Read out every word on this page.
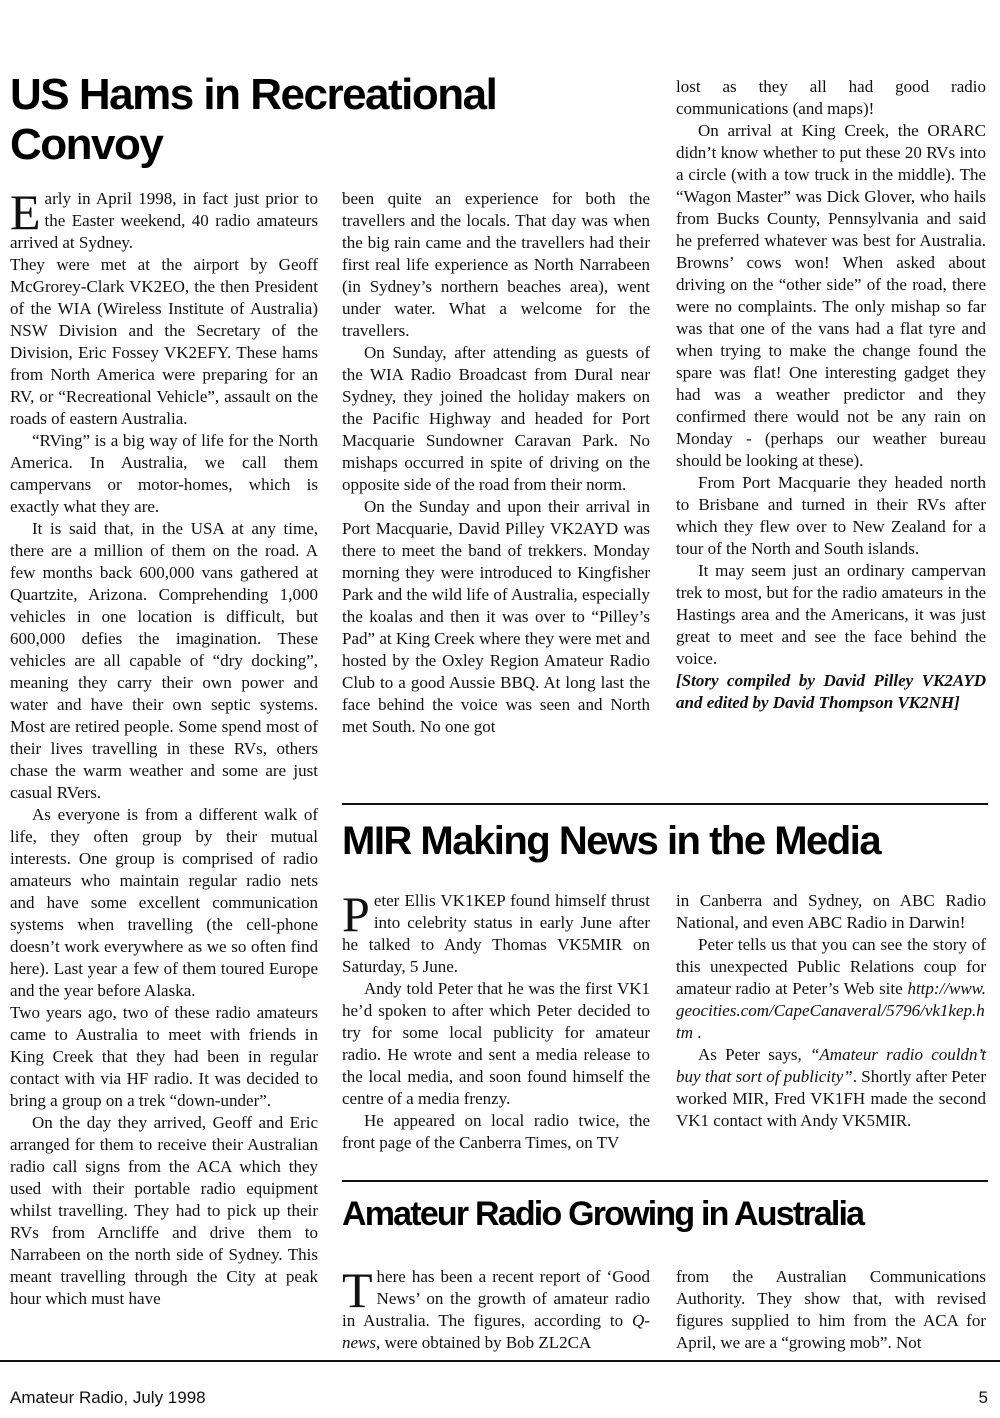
US Hams in Recreational
Convoy

Early in April 1998, in fact just prior to the Easter weekend, 40 radio amateurs arrived at Sydney.

They were met at the airport by Geoff McGrorey-Clark VK2EO, the then President of the WIA (Wireless Institute of Australia) NSW Division and the Secretary of the Division, Eric Fossey VK2EFY. These hams from North America were preparing for an RV, or “Recreational Vehicle”, assault on the roads of eastern Australia.

“RVing” is a big way of life for the North America. In Australia, we call them campervans or motor-homes, which is exactly what they are.

It is said that, in the USA at any time, there are a million of them on the road. A few months back 600,000 vans gathered at Quartzite, Arizona. Comprehending 1,000 vehicles in one location is difficult, but 600,000 defies the imagination. These vehicles are all capable of “dry docking”, meaning they carry their own power and water and have their own septic systems. Most are retired people. Some spend most of their lives travelling in these RVs, others chase the warm weather and some are just casual RVers.

As everyone is from a different walk of life, they often group by their mutual interests. One group is comprised of radio amateurs who maintain regular radio nets and have some excellent communication systems when travelling (the cell-phone doesn’t work everywhere as we so often find here). Last year a few of them toured Europe and the year before Alaska.

Two years ago, two of these radio amateurs came to Australia to meet with friends in King Creek that they had been in regular contact with via HF radio. It was decided to bring a group on a trek “down-under”.

On the day they arrived, Geoff and Eric arranged for them to receive their Australian radio call signs from the ACA which they used with their portable radio equipment whilst travelling. They had to pick up their RVs from Arncliffe and drive them to Narrabeen on the north side of Sydney. This meant travelling through the City at peak hour which must have

been quite an experience for both the travellers and the locals. That day was when the big rain came and the travellers had their first real life experience as North Narrabeen (in Sydney’s northern beaches area), went under water. What a welcome for the travellers.

On Sunday, after attending as guests of the WIA Radio Broadcast from Dural near Sydney, they joined the holiday makers on the Pacific Highway and headed for Port Macquarie Sundowner Caravan Park. No mishaps occurred in spite of driving on the opposite side of the road from their norm.

On the Sunday and upon their arrival in Port Macquarie, David Pilley VK2AYD was there to meet the band of trekkers. Monday morning they were introduced to Kingfisher Park and the wild life of Australia, especially the koalas and then it was over to “Pilley’s Pad” at King Creek where they were met and hosted by the Oxley Region Amateur Radio Club to a good Aussie BBQ. At long last the face behind the voice was seen and North met South. No one got

lost as they all had good radio communications (and maps)!

On arrival at King Creek, the ORARC didn’t know whether to put these 20 RVs into a circle (with a tow truck in the middle). The “Wagon Master” was Dick Glover, who hails from Bucks County, Pennsylvania and said he preferred whatever was best for Australia. Browns’ cows won! When asked about driving on the “other side” of the road, there were no complaints. The only mishap so far was that one of the vans had a flat tyre and when trying to make the change found the spare was flat! One interesting gadget they had was a weather predictor and they confirmed there would not be any rain on Monday - (perhaps our weather bureau should be looking at these).

From Port Macquarie they headed north to Brisbane and turned in their RVs after which they flew over to New Zealand for a tour of the North and South islands.

It may seem just an ordinary campervan trek to most, but for the radio amateurs in the Hastings area and the Americans, it was just great to meet and see the face behind the voice.

[Story compiled by David Pilley VK2AYD and edited by David Thompson VK2NH]

MIR Making News in the Media

Peter Ellis VK1KEP found himself thrust into celebrity status in early June after he talked to Andy Thomas VK5MIR on Saturday, 5 June.

Andy told Peter that he was the first VK1 he’d spoken to after which Peter decided to try for some local publicity for amateur radio. He wrote and sent a media release to the local media, and soon found himself the centre of a media frenzy.

He appeared on local radio twice, the front page of the Canberra Times, on TV

in Canberra and Sydney, on ABC Radio National, and even ABC Radio in Darwin!

Peter tells us that you can see the story of this unexpected Public Relations coup for amateur radio at Peter’s Web site http://www.geocities.com/CapeCanaveral/5796/vk1kep.htm .

As Peter says, “Amateur radio couldn’t buy that sort of publicity”. Shortly after Peter worked MIR, Fred VK1FH made the second VK1 contact with Andy VK5MIR.

Amateur Radio Growing in Australia

There has been a recent report of ‘Good News’ on the growth of amateur radio in Australia. The figures, according to Q-news, were obtained by Bob ZL2CA

from the Australian Communications Authority. They show that, with revised figures supplied to him from the ACA for April, we are a “growing mob”. Not

Amateur Radio, July 1998	5
